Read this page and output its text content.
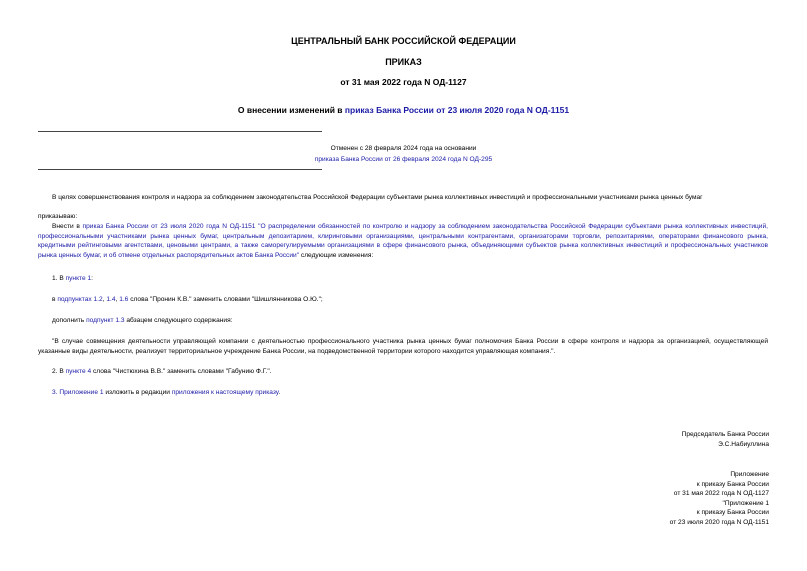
ЦЕНТРАЛЬНЫЙ БАНК РОССИЙСКОЙ ФЕДЕРАЦИИ
ПРИКАЗ
от 31 мая 2022 года N ОД-1127
О внесении изменений в приказ Банка России от 23 июля 2020 года N ОД-1151
Отменен с 28 февраля 2024 года на основании
приказа Банка России от 26 февраля 2024 года N ОД-295
В целях совершенствования контроля и надзора за соблюдением законодательства Российской Федерации субъектами рынка коллективных инвестиций и профессиональными участниками рынка ценных бумаг
приказываю:
Внести в приказ Банка России от 23 июля 2020 года N ОД-1151 "О распределении обязанностей по контролю и надзору за соблюдением законодательства Российской Федерации субъектами рынка коллективных инвестиций, профессиональными участниками рынка ценных бумаг, центральным депозитарием, клиринговыми организациями, центральными контрагентами, организаторами торговли, репозитариями, операторами финансового рынка, кредитными рейтинговыми агентствами, ценовыми центрами, а также саморегулируемыми организациями в сфере финансового рынка, объединяющими субъектов рынка коллективных инвестиций и профессиональных участников рынка ценных бумаг, и об отмене отдельных распорядительных актов Банка России" следующие изменения:
1. В пункте 1:
в подпунктах 1.2, 1.4, 1.6 слова "Пронин К.В." заменить словами "Шишлянникова О.Ю.";
дополнить подпункт 1.3 абзацем следующего содержания:
"В случае совмещения деятельности управляющей компании с деятельностью профессионального участника рынка ценных бумаг полномочия Банка России в сфере контроля и надзора за организацией, осуществляющей указанные виды деятельности, реализует территориальное учреждение Банка России, на подведомственной территории которого находится управляющая компания.".
2. В пункте 4 слова "Чистюхина В.В." заменить словами "Габунию Ф.Г.".
3. Приложение 1 изложить в редакции приложения к настоящему приказу.
Председатель Банка России
Э.С.Набиуллина
Приложение
к приказу Банка России
от 31 мая 2022 года N ОД-1127
"Приложение 1
к приказу Банка России
от 23 июля 2020 года N ОД-1151
